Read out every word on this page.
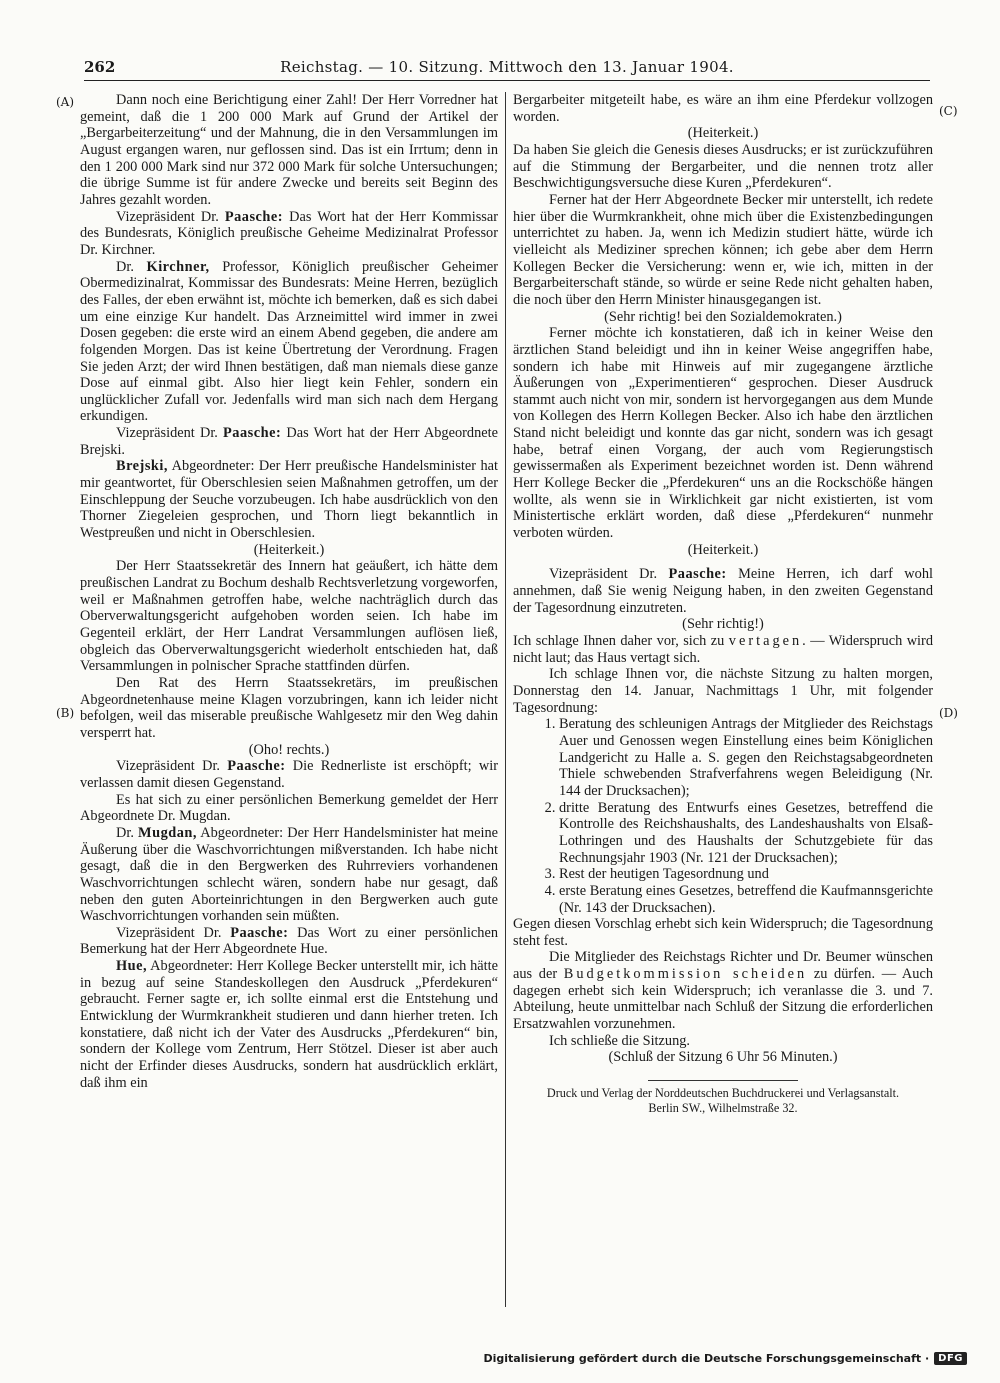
262	Reichstag. — 10. Sitzung. Mittwoch den 13. Januar 1904.
(A)
(B)
(C)
(D)

Dann noch eine Berichtigung einer Zahl! Der Herr Vorredner hat gemeint, daß die 1 200 000 Mark auf Grund der Artikel der „Bergarbeiterzeitung“ und der Mahnung, die in den Versammlungen im August ergangen waren, nur geflossen sind. Das ist ein Irrtum; denn in den 1 200 000 Mark sind nur 372 000 Mark für solche Untersuchungen; die übrige Summe ist für andere Zwecke und bereits seit Beginn des Jahres gezahlt worden.

Vizepräsident Dr. Paasche: Das Wort hat der Herr Kommissar des Bundesrats, Königlich preußische Geheime Medizinalrat Professor Dr. Kirchner.

Dr. Kirchner, Professor, Königlich preußischer Geheimer Obermedizinalrat, Kommissar des Bundesrats: Meine Herren, bezüglich des Falles, der eben erwähnt ist, möchte ich bemerken, daß es sich dabei um eine einzige Kur handelt. Das Arzneimittel wird immer in zwei Dosen gegeben: die erste wird an einem Abend gegeben, die andere am folgenden Morgen. Das ist keine Übertretung der Verordnung. Fragen Sie jeden Arzt; der wird Ihnen bestätigen, daß man niemals diese ganze Dose auf einmal gibt. Also hier liegt kein Fehler, sondern ein unglücklicher Zufall vor. Jedenfalls wird man sich nach dem Hergang erkundigen.

Vizepräsident Dr. Paasche: Das Wort hat der Herr Abgeordnete Brejski.

Brejski, Abgeordneter: Der Herr preußische Handelsminister hat mir geantwortet, für Oberschlesien seien Maßnahmen getroffen, um der Einschleppung der Seuche vorzubeugen. Ich habe ausdrücklich von den Thorner Ziegeleien gesprochen, und Thorn liegt bekanntlich in Westpreußen und nicht in Oberschlesien.

(Heiterkeit.)

Der Herr Staatssekretär des Innern hat geäußert, ich hätte dem preußischen Landrat zu Bochum deshalb Rechtsverletzung vorgeworfen, weil er Maßnahmen getroffen habe, welche nachträglich durch das Oberverwaltungsgericht aufgehoben worden seien. Ich habe im Gegenteil erklärt, der Herr Landrat Versammlungen auflösen ließ, obgleich das Oberverwaltungsgericht wiederholt entschieden hat, daß Versammlungen in polnischer Sprache stattfinden dürfen.

Den Rat des Herrn Staatssekretärs, im preußischen Abgeordnetenhause meine Klagen vorzubringen, kann ich leider nicht befolgen, weil das miserable preußische Wahlgesetz mir den Weg dahin versperrt hat.

(Oho! rechts.)

Vizepräsident Dr. Paasche: Die Rednerliste ist erschöpft; wir verlassen damit diesen Gegenstand.

Es hat sich zu einer persönlichen Bemerkung gemeldet der Herr Abgeordnete Dr. Mugdan.

Dr. Mugdan, Abgeordneter: Der Herr Handelsminister hat meine Äußerung über die Waschvorrichtungen mißverstanden. Ich habe nicht gesagt, daß die in den Bergwerken des Ruhrreviers vorhandenen Waschvorrichtungen schlecht wären, sondern habe nur gesagt, daß neben den guten Aborteinrichtungen in den Bergwerken auch gute Waschvorrichtungen vorhanden sein müßten.

Vizepräsident Dr. Paasche: Das Wort zu einer persönlichen Bemerkung hat der Herr Abgeordnete Hue.

Hue, Abgeordneter: Herr Kollege Becker unterstellt mir, ich hätte in bezug auf seine Standeskollegen den Ausdruck „Pferdekuren“ gebraucht. Ferner sagte er, ich sollte einmal erst die Entstehung und Entwicklung der Wurmkrankheit studieren und dann hierher treten. Ich konstatiere, daß nicht ich der Vater des Ausdrucks „Pferdekuren“ bin, sondern der Kollege vom Zentrum, Herr Stötzel. Dieser ist aber auch nicht der Erfinder dieses Ausdrucks, sondern hat ausdrücklich erklärt, daß ihm ein

Bergarbeiter mitgeteilt habe, es wäre an ihm eine Pferdekur vollzogen worden.

(Heiterkeit.)

Da haben Sie gleich die Genesis dieses Ausdrucks; er ist zurückzuführen auf die Stimmung der Bergarbeiter, und die nennen trotz aller Beschwichtigungsversuche diese Kuren „Pferdekuren“.

Ferner hat der Herr Abgeordnete Becker mir unterstellt, ich redete hier über die Wurmkrankheit, ohne mich über die Existenzbedingungen unterrichtet zu haben. Ja, wenn ich Medizin studiert hätte, würde ich vielleicht als Mediziner sprechen können; ich gebe aber dem Herrn Kollegen Becker die Versicherung: wenn er, wie ich, mitten in der Bergarbeiterschaft stände, so würde er seine Rede nicht gehalten haben, die noch über den Herrn Minister hinausgegangen ist.

(Sehr richtig! bei den Sozialdemokraten.)

Ferner möchte ich konstatieren, daß ich in keiner Weise den ärztlichen Stand beleidigt und ihn in keiner Weise angegriffen habe, sondern ich habe mit Hinweis auf mir zugegangene ärztliche Äußerungen von „Experimentieren“ gesprochen. Dieser Ausdruck stammt auch nicht von mir, sondern ist hervorgegangen aus dem Munde von Kollegen des Herrn Kollegen Becker. Also ich habe den ärztlichen Stand nicht beleidigt und konnte das gar nicht, sondern was ich gesagt habe, betraf einen Vorgang, der auch vom Regierungstisch gewissermaßen als Experiment bezeichnet worden ist. Denn während Herr Kollege Becker die „Pferdekuren“ uns an die Rockschöße hängen wollte, als wenn sie in Wirklichkeit gar nicht existierten, ist vom Ministertische erklärt worden, daß diese „Pferdekuren“ nunmehr verboten würden.

(Heiterkeit.)

Vizepräsident Dr. Paasche: Meine Herren, ich darf wohl annehmen, daß Sie wenig Neigung haben, in den zweiten Gegenstand der Tagesordnung einzutreten.

(Sehr richtig!)

Ich schlage Ihnen daher vor, sich zu vertagen. — Widerspruch wird nicht laut; das Haus vertagt sich.

Ich schlage Ihnen vor, die nächste Sitzung zu halten morgen, Donnerstag den 14. Januar, Nachmittags 1 Uhr, mit folgender Tagesordnung:

1. Beratung des schleunigen Antrags der Mitglieder des Reichstags Auer und Genossen wegen Einstellung eines beim Königlichen Landgericht zu Halle a. S. gegen den Reichstagsabgeordneten Thiele schwebenden Strafverfahrens wegen Beleidigung (Nr. 144 der Drucksachen);
2. dritte Beratung des Entwurfs eines Gesetzes, betreffend die Kontrolle des Reichshaushalts, des Landeshaushalts von Elsaß-Lothringen und des Haushalts der Schutzgebiete für das Rechnungsjahr 1903 (Nr. 121 der Drucksachen);
3. Rest der heutigen Tagesordnung und
4. erste Beratung eines Gesetzes, betreffend die Kaufmannsgerichte (Nr. 143 der Drucksachen).

Gegen diesen Vorschlag erhebt sich kein Widerspruch; die Tagesordnung steht fest.

Die Mitglieder des Reichstags Richter und Dr. Beumer wünschen aus der Budgetkommission scheiden zu dürfen. — Auch dagegen erhebt sich kein Widerspruch; ich veranlasse die 3. und 7. Abteilung, heute unmittelbar nach Schluß der Sitzung die erforderlichen Ersatzwahlen vorzunehmen.

Ich schließe die Sitzung.

(Schluß der Sitzung 6 Uhr 56 Minuten.)

Druck und Verlag der Norddeutschen Buchdruckerei und Verlagsanstalt.
Berlin SW., Wilhelmstraße 32.
Digitalisierung gefördert durch die Deutsche Forschungsgemeinschaft · DFG
